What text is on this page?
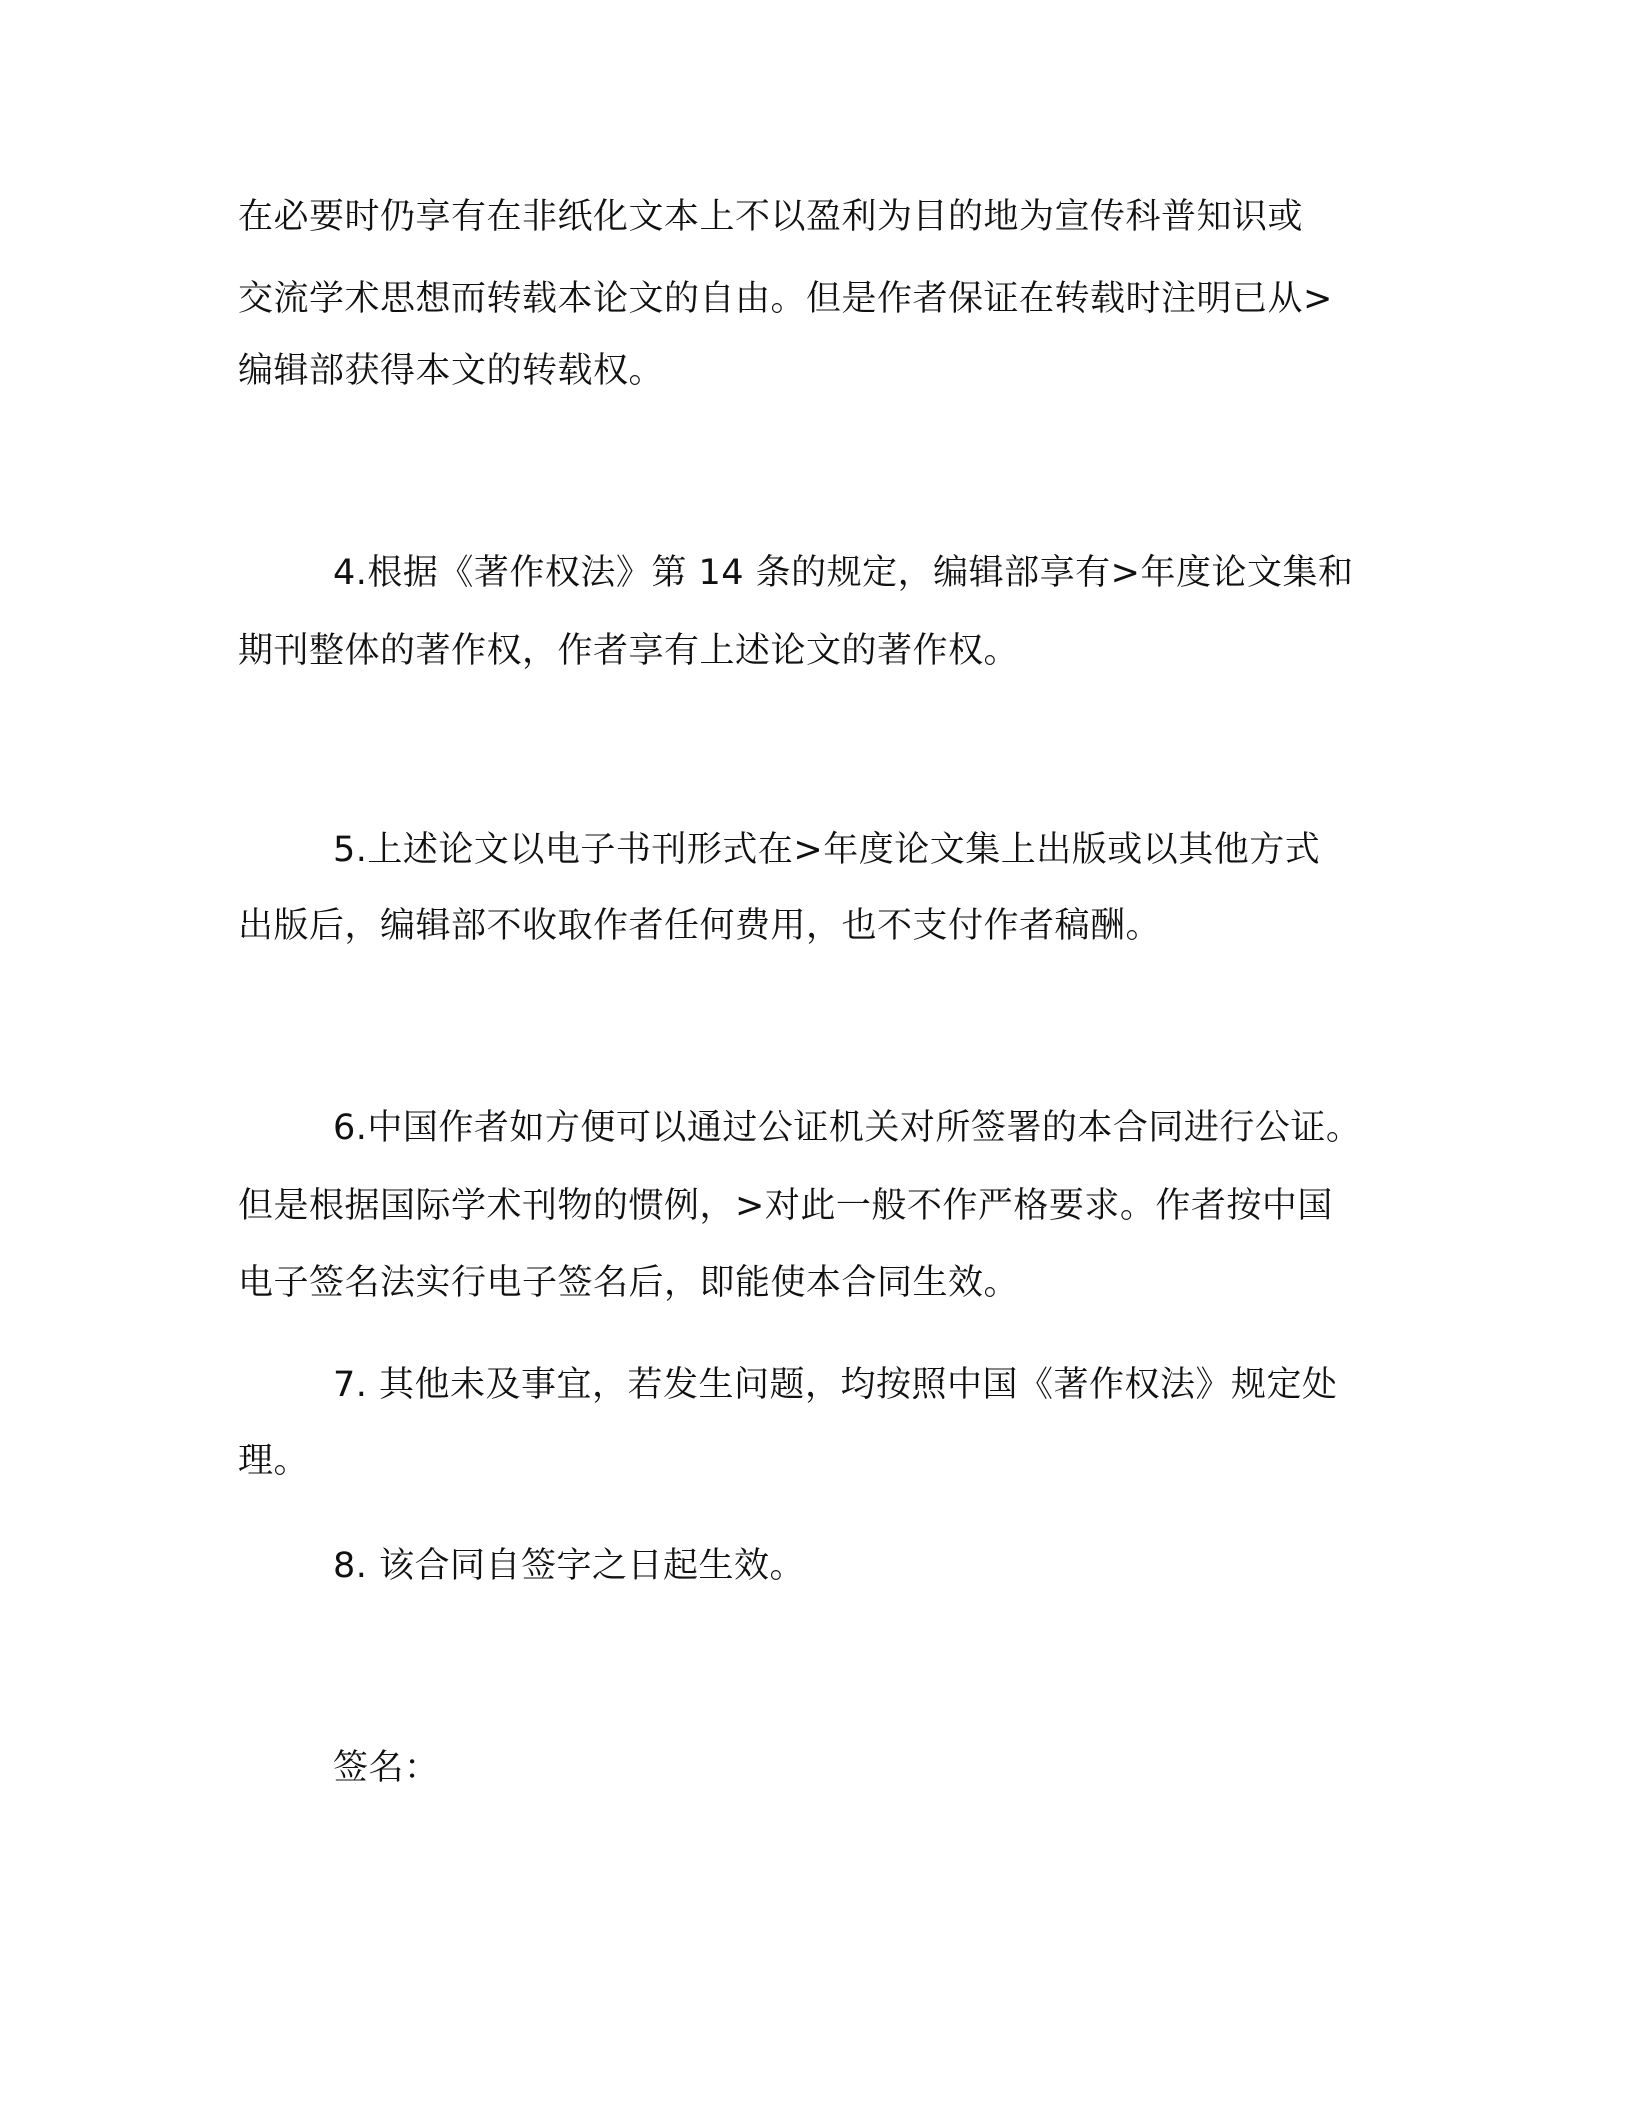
在必要时仍享有在非纸化文本上不以盈利为目的地为宣传科普知识或
交流学术思想而转载本论文的自由。但是作者保证在转载时注明已从>
编辑部获得本文的转载权。
4.根据《著作权法》第 14 条的规定，编辑部享有>年度论文集和
期刊整体的著作权，作者享有上述论文的著作权。
5.上述论文以电子书刊形式在>年度论文集上出版或以其他方式
出版后，编辑部不收取作者任何费用，也不支付作者稿酬。
6.中国作者如方便可以通过公证机关对所签署的本合同进行公证。
但是根据国际学术刊物的惯例，>对此一般不作严格要求。作者按中国
电子签名法实行电子签名后，即能使本合同生效。
7. 其他未及事宜，若发生问题，均按照中国《著作权法》规定处
理。
8. 该合同自签字之日起生效。
签名：
